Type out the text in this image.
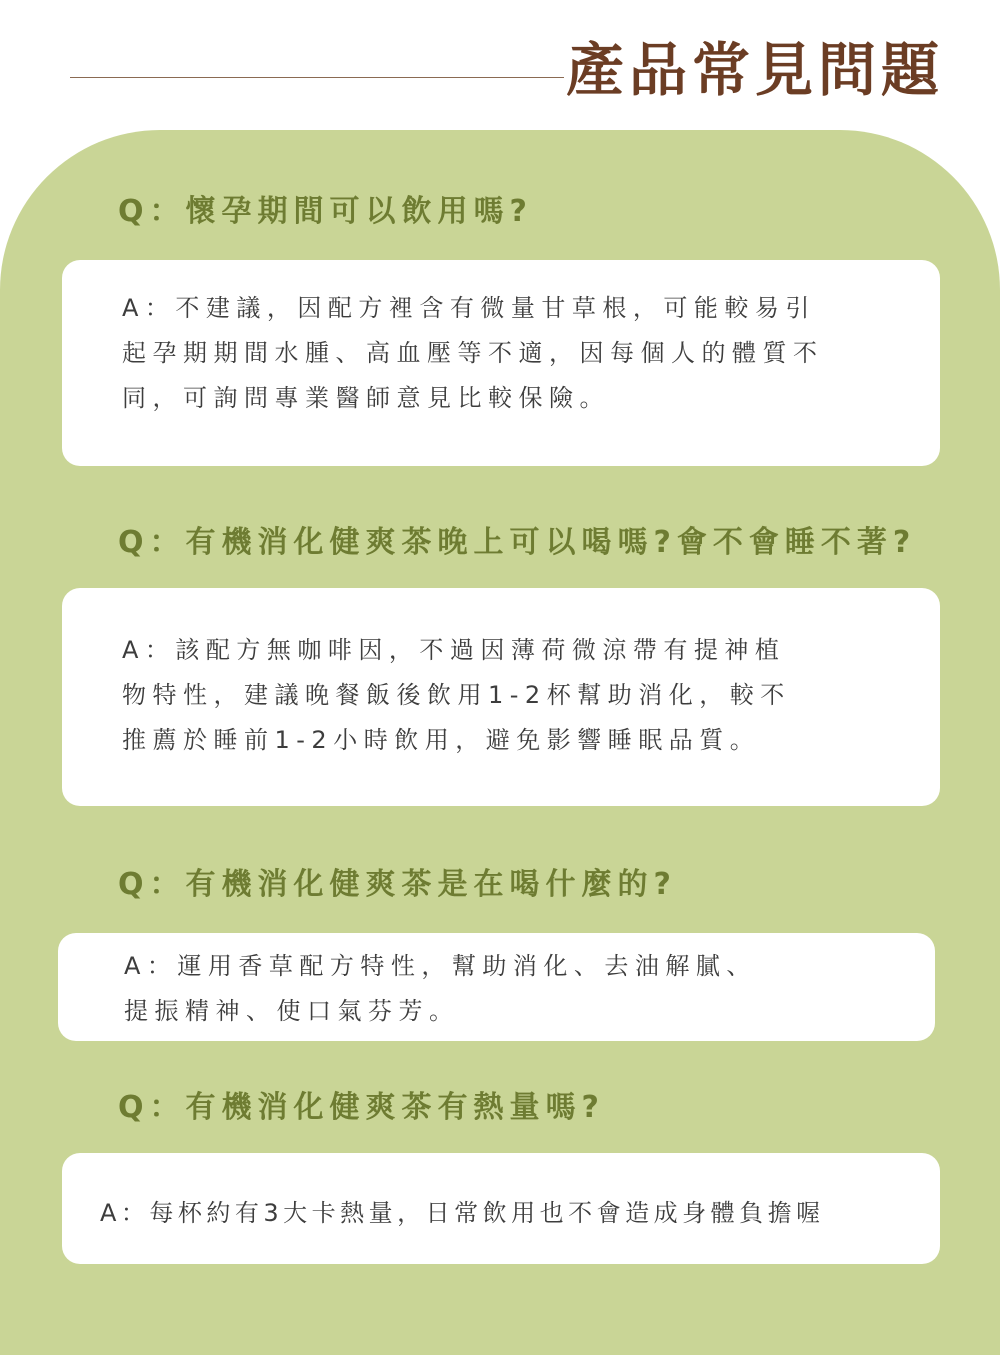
產品常見問題
Q：懷孕期間可以飲用嗎?

A：不建議，因配方裡含有微量甘草根，可能較易引

起孕期期間水腫、高血壓等不適，因每個人的體質不

同，可詢問專業醫師意見比較保險。

Q：有機消化健爽茶晚上可以喝嗎?會不會睡不著?

A：該配方無咖啡因，不過因薄荷微涼帶有提神植

物特性，建議晚餐飯後飲用1-2杯幫助消化，較不

推薦於睡前1-2小時飲用，避免影響睡眠品質。

Q：有機消化健爽茶是在喝什麼的?

A：運用香草配方特性，幫助消化、去油解膩、

提振精神、使口氣芬芳。

Q：有機消化健爽茶有熱量嗎?

A：每杯約有3大卡熱量，日常飲用也不會造成身體負擔喔
